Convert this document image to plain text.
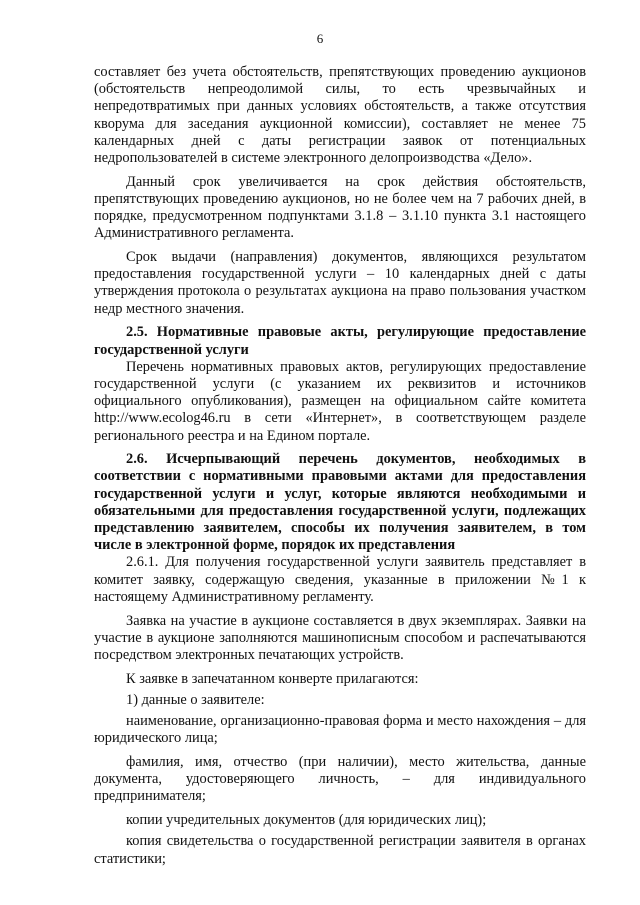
6

составляет без учета обстоятельств, препятствующих проведению аукционов (обстоятельств непреодолимой силы, то есть чрезвычайных и непредотвратимых при данных условиях обстоятельств, а также отсутствия кворума для заседания аукционной комиссии), составляет не менее 75 календарных дней с даты регистрации заявок от потенциальных недропользователей в системе электронного делопроизводства «Дело».

Данный срок увеличивается на срок действия обстоятельств, препятствующих проведению аукционов, но не более чем на 7 рабочих дней, в порядке, предусмотренном подпунктами 3.1.8 – 3.1.10 пункта 3.1 настоящего Административного регламента.

Срок выдачи (направления) документов, являющихся результатом предоставления государственной услуги – 10 календарных дней с даты утверждения протокола о результатах аукциона на право пользования участком недр местного значения.

2.5. Нормативные правовые акты, регулирующие предоставление государственной услуги

Перечень нормативных правовых актов, регулирующих предоставление государственной услуги (с указанием их реквизитов и источников официального опубликования), размещен на официальном сайте комитета http://www.ecolog46.ru в сети «Интернет», в соответствующем разделе регионального реестра и на Едином портале.

2.6. Исчерпывающий перечень документов, необходимых в соответствии с нормативными правовыми актами для предоставления государственной услуги и услуг, которые являются необходимыми и обязательными для предоставления государственной услуги, подлежащих представлению заявителем, способы их получения заявителем, в том числе в электронной форме, порядок их представления

2.6.1. Для получения государственной услуги заявитель представляет в комитет заявку, содержащую сведения, указанные в приложении №1 к настоящему Административному регламенту.

Заявка на участие в аукционе составляется в двух экземплярах. Заявки на участие в аукционе заполняются машинописным способом и распечатываются посредством электронных печатающих устройств.

К заявке в запечатанном конверте прилагаются:

1) данные о заявителе:

наименование, организационно-правовая форма и место нахождения – для юридического лица;

фамилия, имя, отчество (при наличии), место жительства, данные документа, удостоверяющего личность, – для индивидуального предпринимателя;

копии учредительных документов (для юридических лиц);

копия свидетельства о государственной регистрации заявителя в органах статистики;
